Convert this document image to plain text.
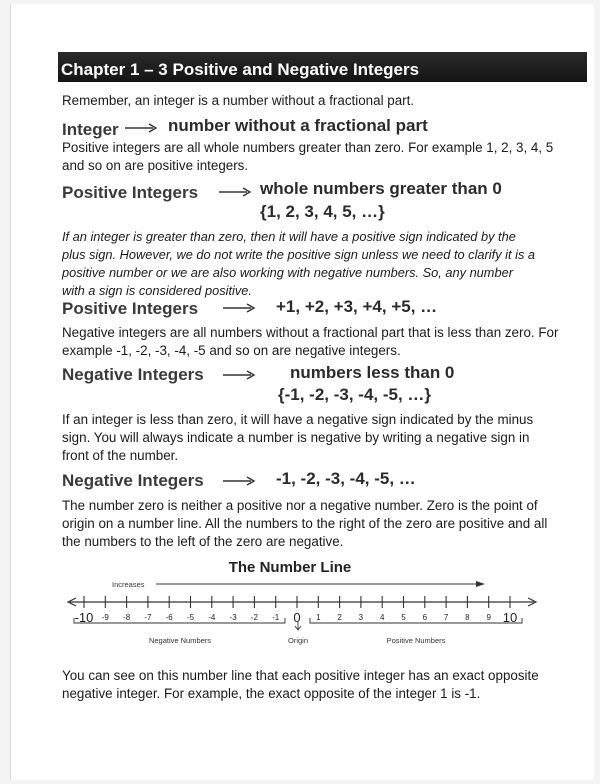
Chapter 1 – 3 Positive and Negative Integers
Remember, an integer is a number without a fractional part.
Integer	number without a fractional part
Positive integers are all whole numbers greater than zero. For example 1, 2, 3, 4, 5
and so on are positive integers.
Positive Integers	whole numbers greater than 0
{1, 2, 3, 4, 5, …}
If an integer is greater than zero, then it will have a positive sign indicated by the
plus sign. However, we do not write the positive sign unless we need to clarify it is a
positive number or we are also working with negative numbers. So, any number
with a sign is considered positive.
Positive Integers	+1, +2, +3, +4, +5, …
Negative integers are all numbers without a fractional part that is less than zero. For
example -1, -2, -3, -4, -5 and so on are negative integers.
Negative Integers	numbers less than 0
{-1, -2, -3, -4, -5, …}
If an integer is less than zero, it will have a negative sign indicated by the minus
sign. You will always indicate a number is negative by writing a negative sign in
front of the number.
Negative Integers	-1, -2, -3, -4, -5, …
The number zero is neither a positive nor a negative number. Zero is the point of
origin on a number line. All the numbers to the right of the zero are positive and all
the numbers to the left of the zero are negative.
The Number Line
Increases
-10 -9 -8 -7 -6 -5 -4 -3 -2 -1 0 1 2 3 4 5 6 7 8 9 10
Negative Numbers	Origin	Positive Numbers
You can see on this number line that each positive integer has an exact opposite
negative integer. For example, the exact opposite of the integer 1 is -1.
